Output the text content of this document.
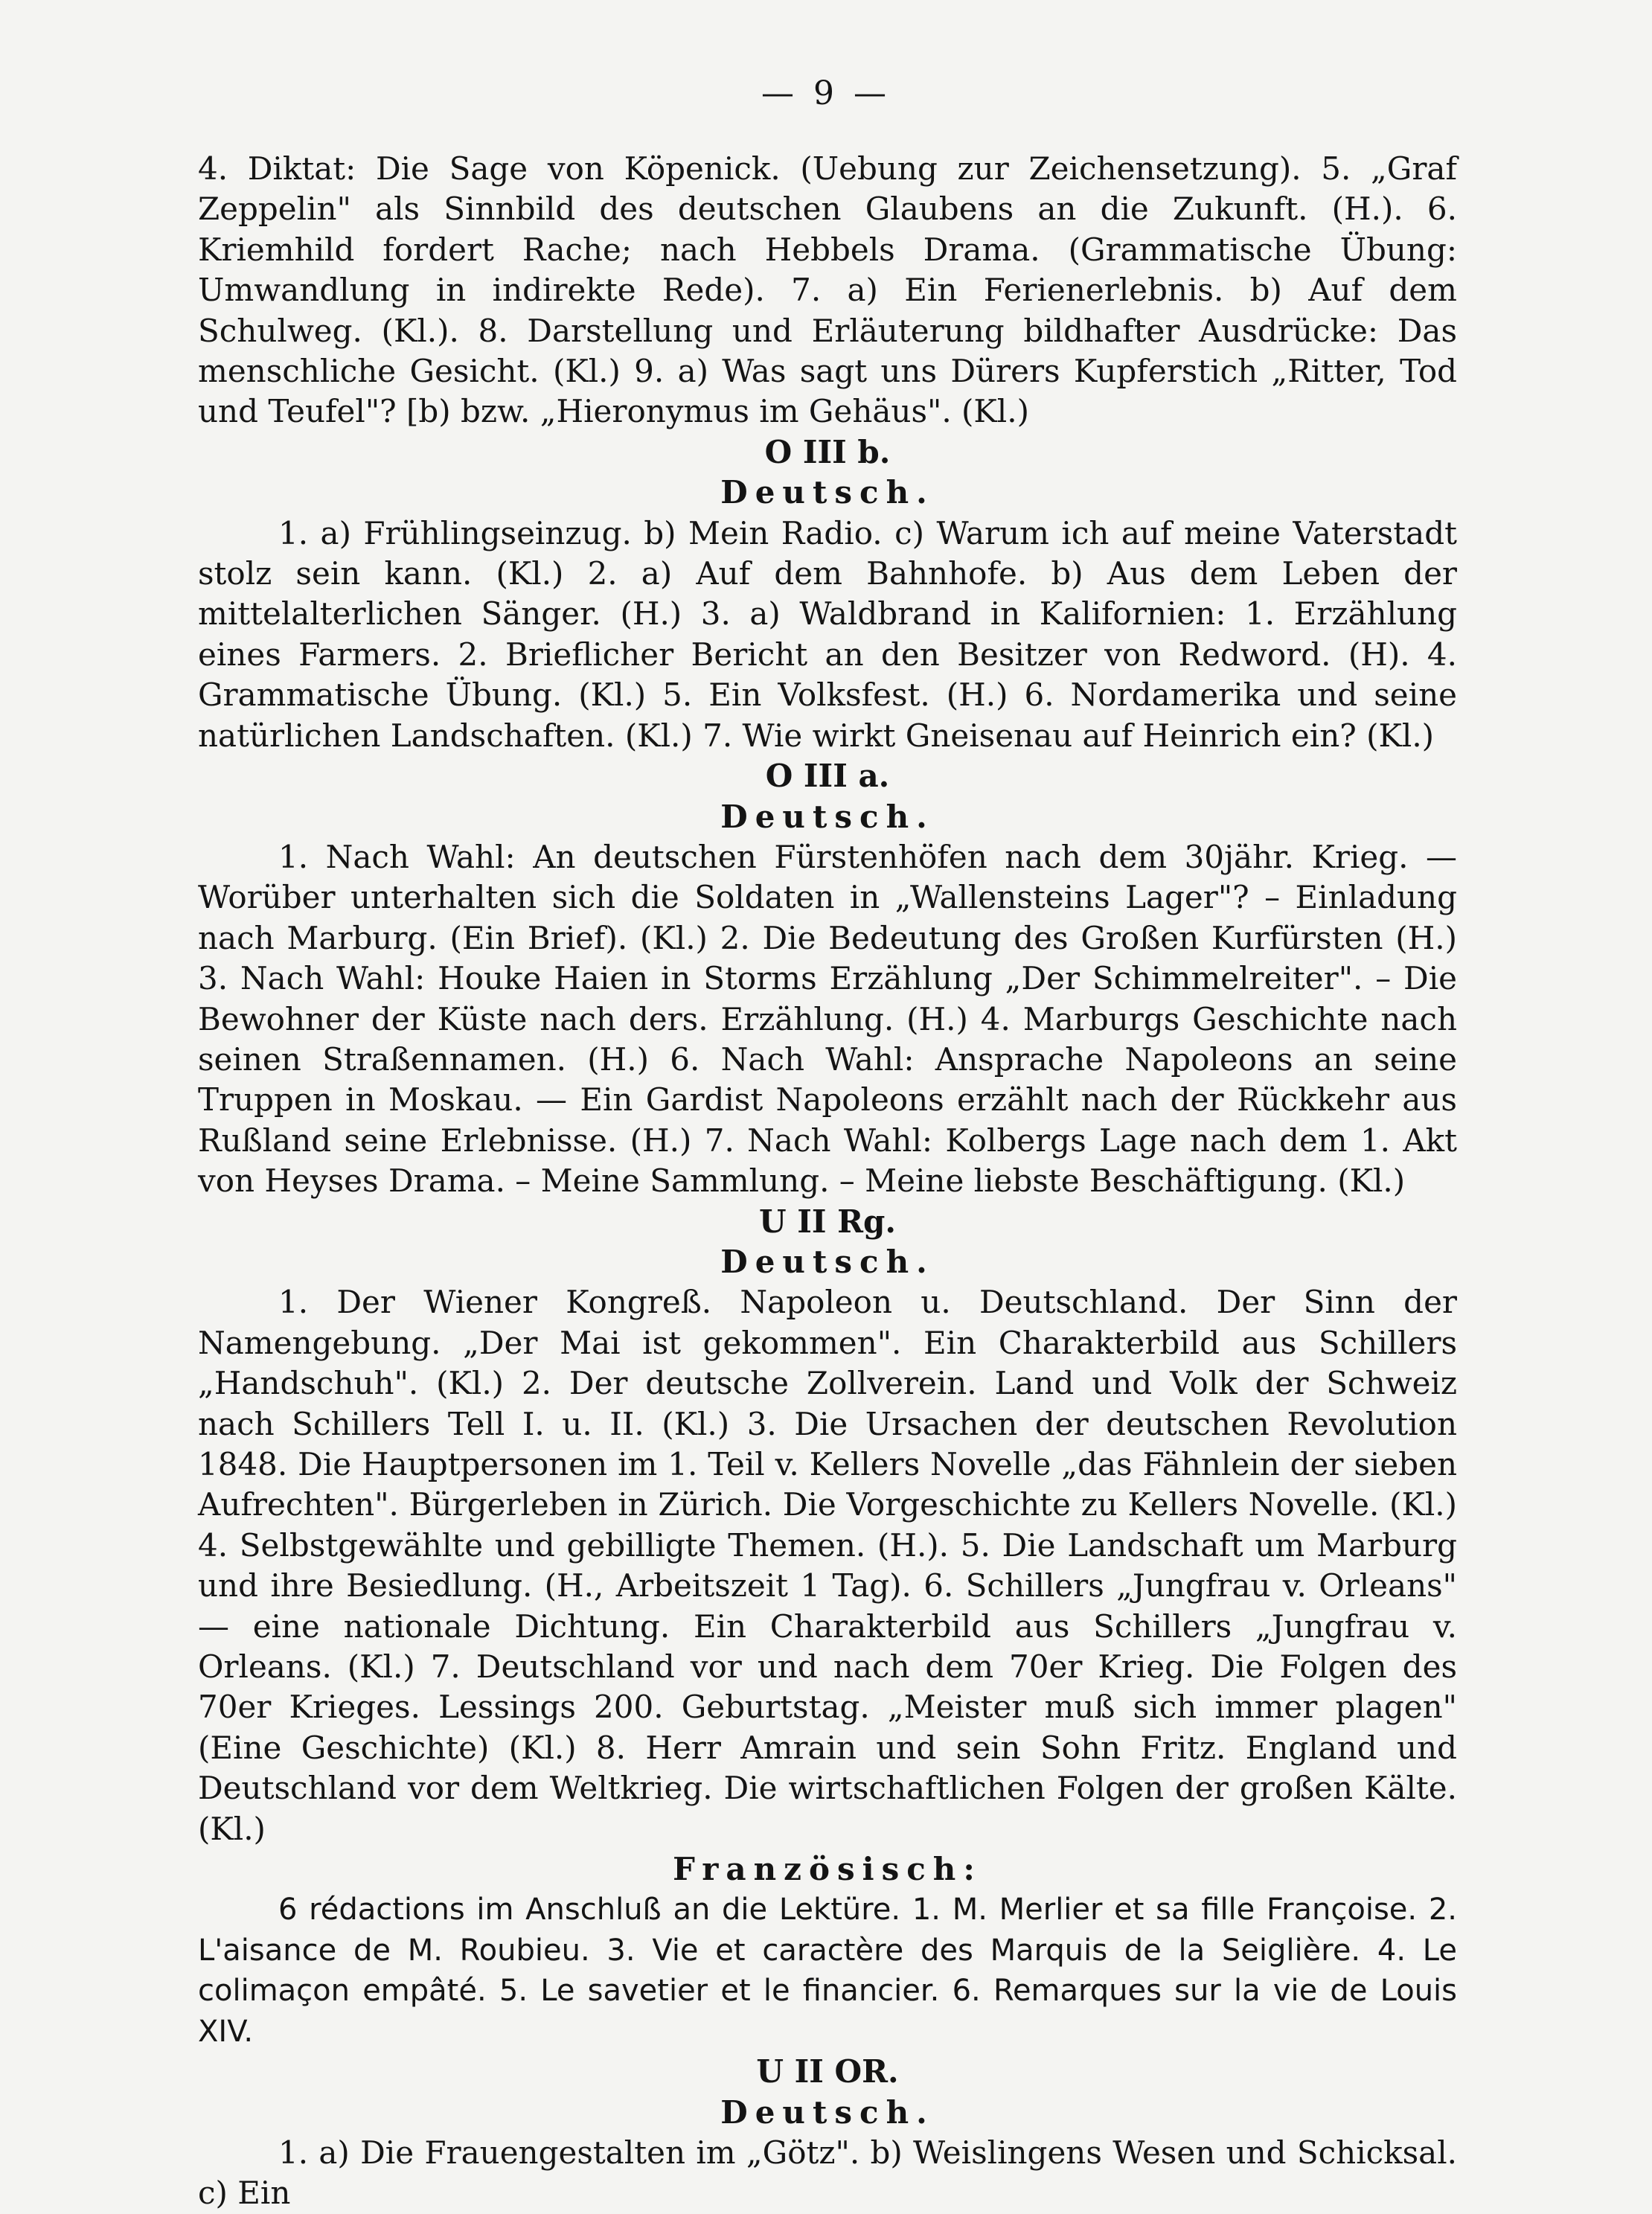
— 9 —

4. Diktat: Die Sage von Köpenick. (Uebung zur Zeichensetzung). 5. „Graf Zeppelin" als Sinnbild des deutschen Glaubens an die Zukunft. (H.). 6. Kriemhild fordert Rache; nach Hebbels Drama. (Grammatische Übung: Umwandlung in indirekte Rede). 7. a) Ein Ferienerlebnis. b) Auf dem Schulweg. (Kl.). 8. Darstellung und Erläuterung bildhafter Ausdrücke: Das menschliche Gesicht. (Kl.) 9. a) Was sagt uns Dürers Kupferstich „Ritter, Tod und Teufel"? [b) bzw. „Hieronymus im Gehäus". (Kl.)

O III b.
Deutsch.

1. a) Frühlingseinzug. b) Mein Radio. c) Warum ich auf meine Vaterstadt stolz sein kann. (Kl.) 2. a) Auf dem Bahnhofe. b) Aus dem Leben der mittelalterlichen Sänger. (H.) 3. a) Waldbrand in Kalifornien: 1. Erzählung eines Farmers. 2. Brieflicher Bericht an den Besitzer von Redword. (H). 4. Grammatische Übung. (Kl.) 5. Ein Volksfest. (H.) 6. Nordamerika und seine natürlichen Landschaften. (Kl.) 7. Wie wirkt Gneisenau auf Heinrich ein? (Kl.)

O III a.
Deutsch.

1. Nach Wahl: An deutschen Fürstenhöfen nach dem 30jähr. Krieg. — Worüber unterhalten sich die Soldaten in „Wallensteins Lager"? – Einladung nach Marburg. (Ein Brief). (Kl.) 2. Die Bedeutung des Großen Kurfürsten (H.) 3. Nach Wahl: Houke Haien in Storms Erzählung „Der Schimmelreiter". – Die Bewohner der Küste nach ders. Erzählung. (H.) 4. Marburgs Geschichte nach seinen Straßennamen. (H.) 6. Nach Wahl: Ansprache Napoleons an seine Truppen in Moskau. — Ein Gardist Napoleons erzählt nach der Rückkehr aus Rußland seine Erlebnisse. (H.) 7. Nach Wahl: Kolbergs Lage nach dem 1. Akt von Heyses Drama. – Meine Sammlung. – Meine liebste Beschäftigung. (Kl.)

U II Rg.
Deutsch.

1. Der Wiener Kongreß. Napoleon u. Deutschland. Der Sinn der Namengebung. „Der Mai ist gekommen". Ein Charakterbild aus Schillers „Handschuh". (Kl.) 2. Der deutsche Zollverein. Land und Volk der Schweiz nach Schillers Tell I. u. II. (Kl.) 3. Die Ursachen der deutschen Revolution 1848. Die Hauptpersonen im 1. Teil v. Kellers Novelle „das Fähnlein der sieben Aufrechten". Bürgerleben in Zürich. Die Vorgeschichte zu Kellers Novelle. (Kl.) 4. Selbstgewählte und gebilligte Themen. (H.). 5. Die Landschaft um Marburg und ihre Besiedlung. (H., Arbeitszeit 1 Tag). 6. Schillers „Jungfrau v. Orleans" — eine nationale Dichtung. Ein Charakterbild aus Schillers „Jungfrau v. Orleans. (Kl.) 7. Deutschland vor und nach dem 70er Krieg. Die Folgen des 70er Krieges. Lessings 200. Geburtstag. „Meister muß sich immer plagen" (Eine Geschichte) (Kl.) 8. Herr Amrain und sein Sohn Fritz. England und Deutschland vor dem Weltkrieg. Die wirtschaftlichen Folgen der großen Kälte. (Kl.)

Französisch:

6 rédactions im Anschluß an die Lektüre. 1. M. Merlier et sa fille Françoise. 2. L'aisance de M. Roubieu. 3. Vie et caractère des Marquis de la Seiglière. 4. Le colimaçon empâté. 5. Le savetier et le financier. 6. Remarques sur la vie de Louis XIV.

U II OR.
Deutsch.

1. a) Die Frauengestalten im „Götz". b) Weislingens Wesen und Schicksal. c) Ein
